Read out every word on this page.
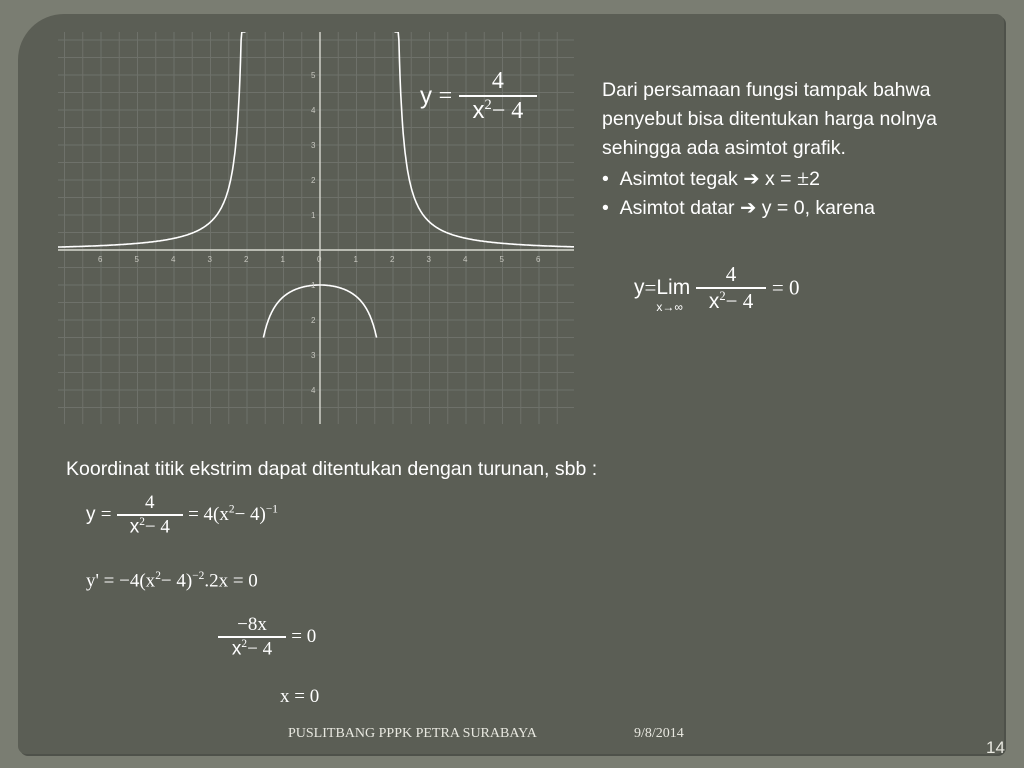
6	5	4	3	2	1	0	1	2	3	4	5	6
5
4
3
2
1
1
2
3
4
$y = \frac{4}{x^2- 4}$	Dari persamaan fungsi tampak bahwa penyebut bisa ditentukan harga nolnya sehingga ada asimtot grafik.
•  Asimtot tegak ➔ x = ±2
•  Asimtot datar ➔ y = 0, karena
y=Lim
x→∞
$\frac{4}{x^2- 4} = 0$
Koordinat titik ekstrim dapat ditentukan dengan turunan, sbb :
$y = \frac{4}{x^2- 4} = 4(x^2- 4)^{-1}$
$y' = -4(x^2- 4)^{-2}.2x = 0$
$\frac{-8x}{x^2- 4} = 0$
x = 0
PUSLITBANG PPPK PETRA SURABAYA	9/8/2014
14
